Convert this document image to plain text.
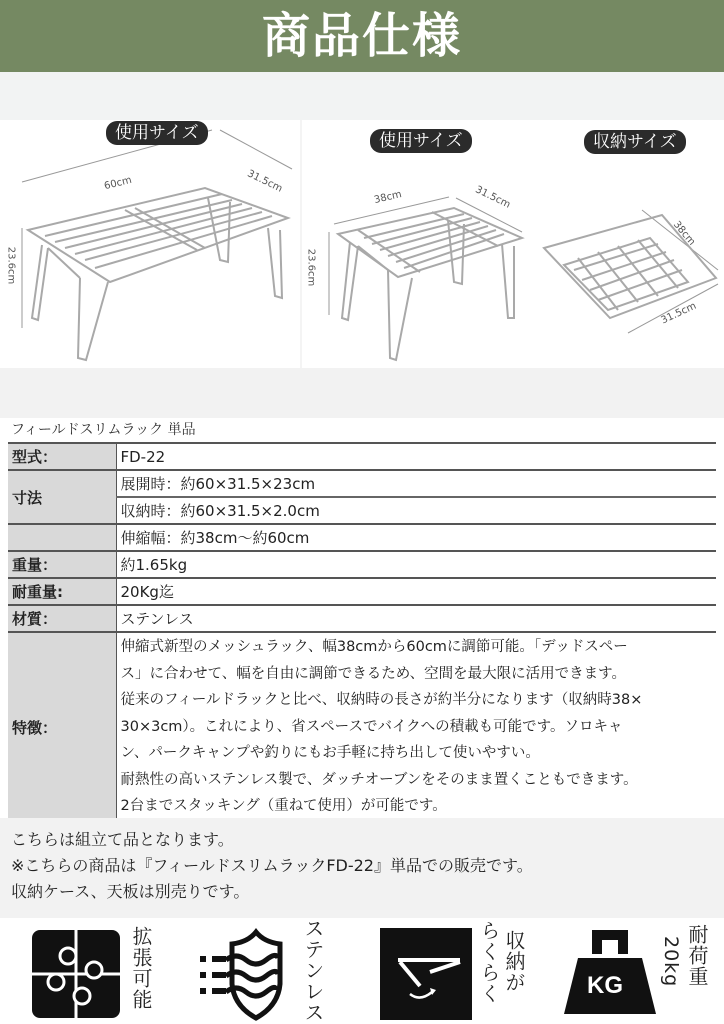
商品仕様
使用サイズ
60cm	31.5cm
23.6cm
使用サイズ
38cm	31.5cm
23.6cm
収納サイズ
38cm
31.5cm
フィールドスリムラック 単品
型式：	FD-22
寸法	展開時：約60×31.5×23cm
	収納時：約60×31.5×2.0cm
	伸縮幅：約38cm〜約60cm
重量：	約1.65kg
耐重量:	20Kg迄
材質：	ステンレス
特徴：	
伸縮式新型のメッシュラック、幅38cmから60cmに調節可能。「デッドスペー
ス」に合わせて、幅を自由に調節できるため、空間を最大限に活用できます。
従来のフィールドラックと比べ、収納時の長さが約半分になります（収納時38×
30×3cm）。これにより、省スペースでバイクへの積載も可能です。ソロキャ
ン、パークキャンプや釣りにもお手軽に持ち出して使いやすい。
耐熱性の高いステンレス製で、ダッチオーブンをそのまま置くこともできます。
2台までスタッキング（重ねて使用）が可能です。

こちらは組立て品となります。

※こちらの商品は『フィールドスリムラックFD-22』単品での販売です。

収納ケース、天板は別売りです。

拡張可能	ステンレス	収納が
らくらく	KG	耐荷重
20kg
